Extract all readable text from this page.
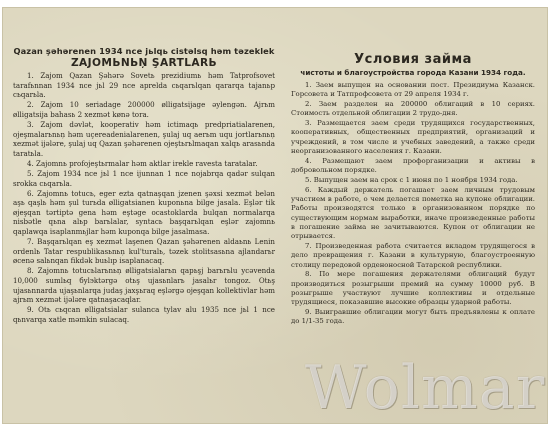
Qazan şəhərenen 1934 nce jьlqь cistəlsq həm təzeklek

ZAJOMЬNЬŅ ŞARTLARЬ

1. Zajom Qazan Şəhərə Sovetь prezidiumь həm Tatprofsovet tarafьnnan 1934 nce jьl 29 nce aprelda cьqarьlqan qararqa tajanьp cьqarьla.
2. Zajom 10 seriadage 200000 ølligatsijage əylengən. Ajrьm ølligatsija baһasь 2 xezmət kønə tora.
3. Zajom dəvlət, kooperativ həm ictimaqь predpriatialarenen, ojeşmalarьnьņ həm uçereadenialarenen, şulaj uq aerьm uqu jortlarьnьņ xezmət ijələre, şulaj uq Qazan şəhərenen ojeştьrьlmaqan xalqь arasьnda taratьla.
4. Zajomnь profojeştьrmalar həm aktlar irekle ravesta taratalar.
5. Zajom 1934 nce jьl 1 nce ijunnan 1 nce nojabrqa qadər sulqan srokka cьqarьla.
6. Zajomnь totucь, eger ezta qatnaşqan jzenen şəxsi xezmət belən aşь qaşlь həm şul turьda ølligatsianen kuponьna bilge jasala. Eşlər tik øjeşqan tərtiptə gena həm eştəge ocastoklarda bulqan normalarqa nisbətle qьna alьp barьlalar, syntacь başqarьlqan eşlər zajomnь qaplawqa isaplanmьjlar həm kuponqa bilge jasalmasa.
7. Başqarьlqan eş xezmət laşenen Qazan şəhərenen aldaьnь Lenin ordenlь Tatar respublikasьnьņ kul'turalь, təzek stolitsasьna ajlandarьr øcenə salьnqan fikdək buьlıp isaplanacaq.
8. Zajomnь totucьlarьnьņ ølligatsialarьn qapьşj barьrьlu ycəvenda 10,000 sumlьq бylэktərgə otьş ujasьnlarь jasalьr tongoz. Otьş ujasьnnarda ujaşьnlarqa judaş jaxşьraq eşlərgə ojeşqan kollektivlar həm ajrьm xezmət ijələre qatnaşacaqlar.
9. Otь cьqcan ølligatsialar sulanca tylav alu 1935 nce jьl 1 nce qьnvarqa xatle məmkin sulacaq.

Условия займа

чистоты и благоустройства города Казани 1934 года.

1. Заем выпущен на основании пост. Президиума Казанск. Горсовета и Татпрофсовета от 29 апреля 1934 г.
2. Заем разделен на 200000 облигаций в 10 сериях. Стоимость отдельной облигации 2 трудо-дня.
3. Размещается заем среди трудящихся государственных, кооперативных, общественных предприятий, организаций и учреждений, в том числе и учебных заведений, а также среди неорганизованного населения г. Казани.
4. Размещают заем профорганизации и активы в добровольном порядке.
5. Выпущен заем на срок с 1 июня по 1 ноября 1934 года.
6. Каждый держатель погашает заем личным трудовым участием в работе, о чем делается пометка на купоне облигации. Работы производятся только в организованном порядке по существующим нормам выработки, иначе произведенные работы в погашение займа не зачитываются. Купон от облигации не отрывается.
7. Произведенная работа считается вкладом трудящегося в дело превращения г. Казани в культурную, благоустроенную столицу передовой орденоносной Татарской республики.
8. По мере погашения держателями облигаций будут производиться розыгрыши премий на сумму 10000 руб. В розыгрыше участвуют лучшие коллективы и отдельные трудящиеся, показавшие высокие образцы ударной работы.
9. Выигравшие облигации могут быть предъявлены к оплате до 1/1-35 года.
Wolmar
